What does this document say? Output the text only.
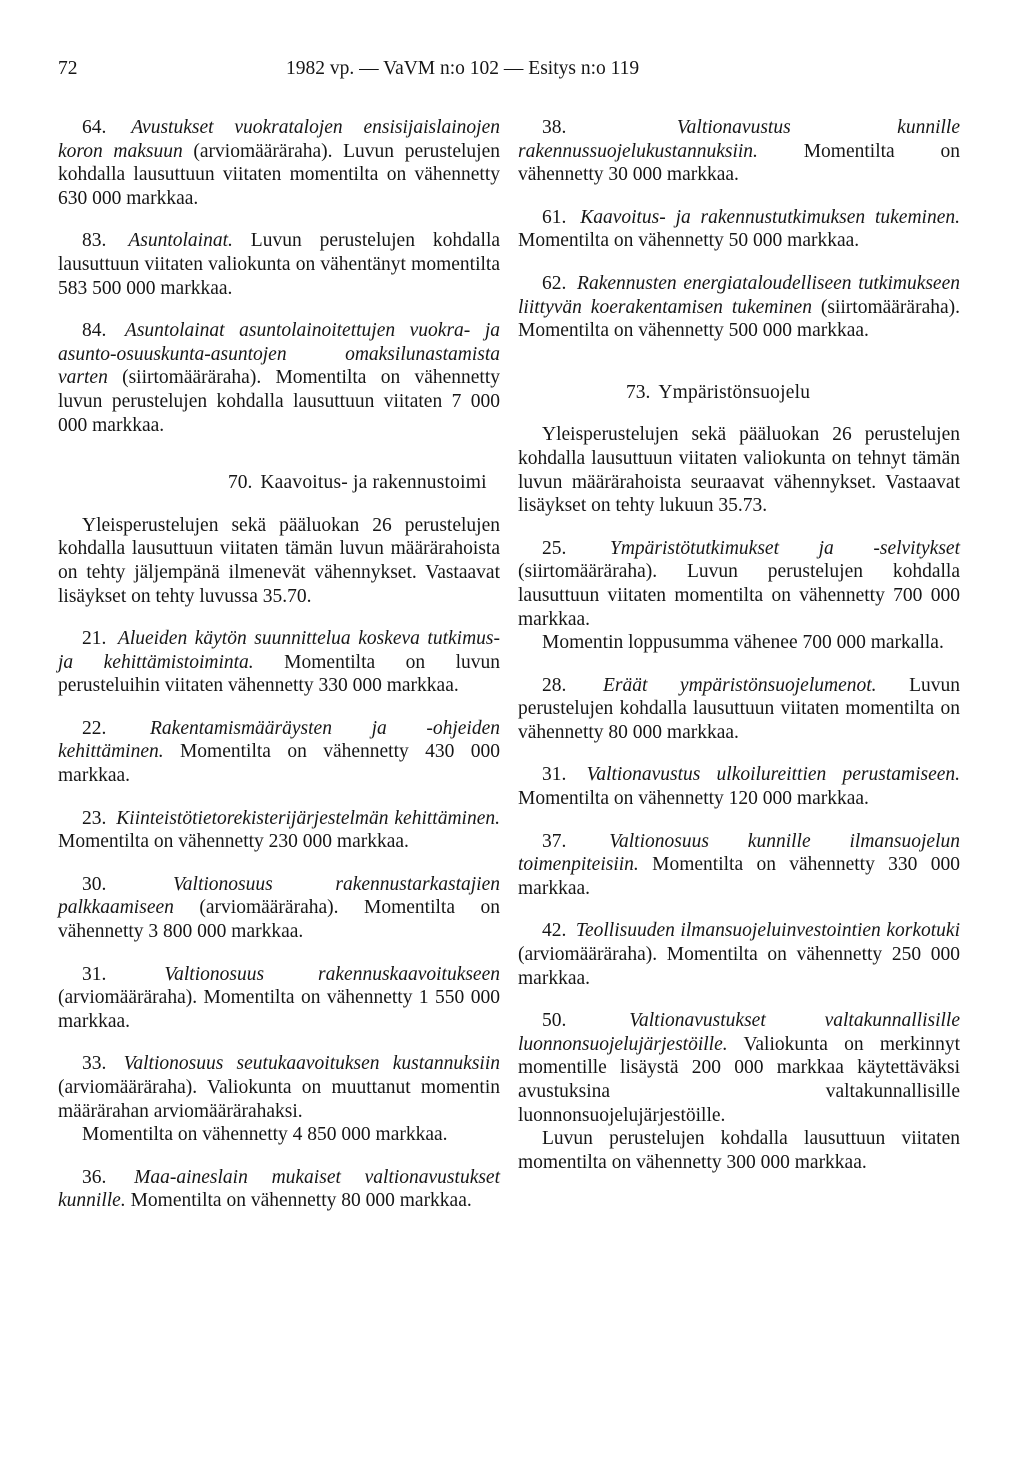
72	1982 vp. — VaVM n:o 102 — Esitys n:o 119

64. Avustukset vuokratalojen ensisijaislainojen koron maksuun (arviomääräraha). Luvun perustelujen kohdalla lausuttuun viitaten momentilta on vähennetty 630 000 markkaa.

83. Asuntolainat. Luvun perustelujen kohdalla lausuttuun viitaten valiokunta on vähentänyt momentilta 583 500 000 markkaa.

84. Asuntolainat asuntolainoitettujen vuokra- ja asunto-osuuskunta-asuntojen omaksilunastamista varten (siirtomääräraha). Momentilta on vähennetty luvun perustelujen kohdalla lausuttuun viitaten 7 000 000 markkaa.

70. Kaavoitus- ja rakennustoimi

Yleisperustelujen sekä pääluokan 26 perustelujen kohdalla lausuttuun viitaten tämän luvun määrärahoista on tehty jäljempänä ilmenevät vähennykset. Vastaavat lisäykset on tehty luvussa 35.70.

21. Alueiden käytön suunnittelua koskeva tutkimus- ja kehittämistoiminta. Momentilta on luvun perusteluihin viitaten vähennetty 330 000 markkaa.

22. Rakentamismääräysten ja -ohjeiden kehittäminen. Momentilta on vähennetty 430 000 markkaa.

23. Kiinteistötietorekisterijärjestelmän kehittäminen. Momentilta on vähennetty 230 000 markkaa.

30.	Valtionosuus rakennustarkastajien palkkaamiseen (arviomääräraha). Momentilta on vähennetty 3 800 000 markkaa.

31.	Valtionosuus rakennuskaavoitukseen (arviomääräraha). Momentilta on vähennetty 1 550 000 markkaa.

33. Valtionosuus seutukaavoituksen kustannuksiin (arviomääräraha). Valiokunta on muuttanut momentin määrärahan arviomäärärahaksi.

Momentilta on vähennetty 4 850 000 markkaa.

36. Maa-aineslain mukaiset valtionavustukset kunnille. Momentilta on vähennetty 80 000 markkaa.

38.	Valtionavustus kunnille rakennussuojelukustannuksiin. Momentilta on vähennetty 30 000 markkaa.

61. Kaavoitus- ja rakennustutkimuksen tukeminen. Momentilta on vähennetty 50 000 markkaa.

62. Rakennusten energiataloudelliseen tutkimukseen liittyvän koerakentamisen tukeminen (siirtomääräraha). Momentilta on vähennetty 500 000 markkaa.

73. Ympäristönsuojelu

Yleisperustelujen sekä pääluokan 26 perustelujen kohdalla lausuttuun viitaten valiokunta on tehnyt tämän luvun määrärahoista seuraavat vähennykset. Vastaavat lisäykset on tehty lukuun 35.73.

25. Ympäristötutkimukset ja -selvitykset (siirtomääräraha). Luvun perustelujen kohdalla lausuttuun viitaten momentilta on vähennetty 700 000 markkaa.

Momentin loppusumma vähenee 700 000 markalla.

28. Eräät ympäristönsuojelumenot. Luvun perustelujen kohdalla lausuttuun viitaten momentilta on vähennetty 80 000 markkaa.

31. Valtionavustus ulkoilureittien perustamiseen. Momentilta on vähennetty 120 000 markkaa.

37. Valtionosuus kunnille ilmansuojelun toimenpiteisiin. Momentilta on vähennetty 330 000 markkaa.

42. Teollisuuden ilmansuojeluinvestointien korkotuki (arviomääräraha). Momentilta on vähennetty 250 000 markkaa.

50.	Valtionavustukset valtakunnallisille luonnonsuojelujärjestöille. Valiokunta on merkinnyt momentille lisäystä 200 000 markkaa käytettäväksi avustuksina valtakunnallisille luonnonsuojelujärjestöille.

Luvun perustelujen kohdalla lausuttuun viitaten momentilta on vähennetty 300 000 markkaa.
